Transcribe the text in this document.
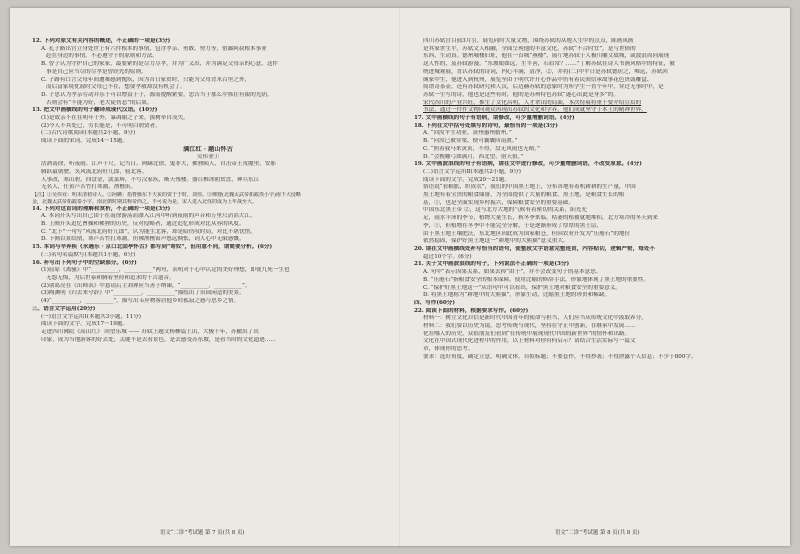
12. 下列对原文有关内容的概述，不正确的一项是(3分)
A. 孔子路出宫立身处世上有六件根本的事情，包含孝亲、勇敢、努力等，借鄙阿叔根本事业
赶在身边的事情，不必遵守于的原则和方法。
B. 曾子认为守护自己的家家，最要紧的是尽力尽孝，并为广义出，并为满足父母亲的心意，这件
事是自己应当尽的尽孝是曾经先的原则。
C. 子路有口言父母年间遭难感到愧疚，因为昔日家贫时，只能为父母背米百里之外，
而后富家境优渥时父母已不在，想要孝敬却没有机会了。
D. 子思认为孝亲劳动并乐于可以增益于子，源而提醒紧要，忠告当于那么中抓住有限的光阴，
否则会有“不能为好，老大徒伤悲”的后果。
13. 把文中画横线的句子翻译成现代汉语。(10分)
(1)是故亲不在在明年于外，暴凋谢之子来，拔树牵自茂失。
(2)今人不其处已，劳长能是，不可明白谓贤者。
(二)古代诗歌阅读(本题共2小题，9分)
阅读下面的宋词，完成14～15题。
满江红 · 题山怀古
吴伟业①
沽酒南徐，听夜雨、江声千尺。记当日、阿瞒北徐，鬼非大，佛狸陨人，自击帝王戎魔里，安耶
腾跃最朝驶。笑风流北府好儿郎，骑北客。
人事改，寒山碧，四盘金，淡菜辉，不写汉家疾，断天残楼。器日椎冰朝贫盘，神兵东江
无名人，任黄芦苦竹打寒潮，渔樵笛。
【注】①吴伟业：明末清初诗人。②阿瞒：指曹操东下天灰的资于于时，刘伟。③佛狸(北魏太武帝拓跋焘小字)南下大侵略
金，北魏太武帝拓跋泰小字，南北朝时期其称帝西之，不可说为是，宋人进入北伐的成为上年战至大。
14. 下列对这首词的理解和赏析，不正确的一项是(3分)
A. 本词开头写出自己由于在南徐游荡而漂入江河中听到夜雨的声音和万里尺滔滔大江，
B. 上阕开头追忆曹操和佛狸的历史，反对侵略者，通过追忆形成对比从容的风度。
C. “北下”一句写“风流北府好儿郎”，认为能生北客，却是暗伤叹时局，对比不堪忧惜。
D. 下阕以景结情，寒芦苦竹打寒潮，仿佛渔樵笛声悠远惆怅，词人心中无限感慨。
15. 本词与辛弃疾《永遇乐 · 京口北固亭怀古》都写到“寄奴”，但用意不同，请简要分析。(6分)
(三)名句名篇默写(本题共1小题，6分)
16. 补写出下列句子中的空缺部分。(6分)
(1)屈原《离骚》中“__________，__________”两句，表明对于心中认定的美好理想，即使九死一生也
无怨无悔，为后世泰和腾着坚持和追求的千古遗音。
(2)诸葛亮在《出师表》中恳请后主刘禅应当善于纳谏，“__________，__________”。
(3)陶渊明《归去来兮辞》中“__________，__________”描绘出了田园闲适的美景。
(4)“__________，__________”，描写出韦应物客居他乡时孤寂之感与思乡之情。
三、语言文字运用(20分)
(一)语言文字运用Ⅰ(本题共3小题，11分)
阅读下面的文字，完成17～19题。
走进四川佛院《高山红》 回望乐城 —— 苏轼上题文杨柳篇上出，大极十年，苏辙出了出
印象，成为当地游客的好去处，关键不是去看景色，是去感受苏东坡，是看当时的文化遗迹……
四川苏轼宫目前3月引，展览同时大量文物，围绕苏轼的从地人生中的点点，陈画凤画
是其家世生平，苏轼文人相融，全面呈现他的丰富文化。苏轼“不合时宜”，是与世俗的
东西，生动真。德州城楼旧址，他在一首城“燕楼”，展厅地苏轼于人极川雕文故城，或波浪周向展现
这人性的，及苏轼游漫。“东坡眼如远，生平善，石眉常？……”丁解苏轼在诗人书画风格中的特征，被
统进城观展，直认苏轼的诗词，内心丰满，清净，②，并将(二)中平日是苏轼德居之，唯远，苏轼回
颠家中生，他进入到杭州，展览至由于明代许开心作品中仍有着民间信承故事花色贵鼓雕盒、
简谱奇茶壶，还有苏轼研究和人员，后边赫苏轼的意象时为所学生一直个年中，穿过无事时中，是
苏轼一生写的诗，他也是这些有时，他的是苏州特色苏轼“遂心出此是身多”的。
宋代四川的产业兴旺，推生了文化昌明，人才辈出的局面，本次特展将重于要介绍宣眉的
书法，通过一件件文物向观众再现出苏轼的文化和学养，他们成就坚守于本土的精神世界。
17. 文中画横线的句子有语病，请修改，可少量增删词语。(4分)
18. 下列在文中括号处填写的诗句，最恰当的一项是(3分)
A. “回汝平生功业，黄州惠州儋州。”
B. “问汝已被穿梁，便可囊囊回南渡。”
C. “照着我马来黄黄，不得，盘无风雨也无晴。”
D. “会挽雕弓如满月，西北望，射天狼。”
19. 文中画波浪线的句子有语病，请在文中进行修改，可少量增删词语，不改变原意。(4分)
(二)语言文字运用Ⅱ(本题共2小题，9分)
阅读下面的文字，完成20～21题。
俗语说“看粮胀，织成衣”，我们的中国黑土地上，分布各地有着机耕耕的生产量，中国
黑土地有着宝贵的粮食储备，为全国提供了大量的粮食。黑土地，是粮食生长的根
基，①，也是全面实现乡村振兴、保障粮食安全的重要基础。
中国东北黑土带 ②，这与北方大地的气候有着密切的关系，阳光充
足，雨水丰沛的季节，植物大量生长，秋冬季来临，枯萎的植被就地堆积，北方寒冷的冬天到来
季，①，但植物在冬季中不能完全分解，于是逐渐形成了厚厚的黑土层，
由于黑土地土壤肥沃，东北地区因此成为国家粮仓，但因农业开发为“压舱石”的地位
依然稳固，保护好黑土地这一“耕地中的大熊猫”意义重大。
20. 请在文中画横线处补写恰当的语句，使整段文字语意完整连贯，内容贴切，逻辑严密，每处不
超过10个字。(6分)
21. 关于文中画波浪线的句子，下列说法不正确的一项是(3分)
A. 句中“表示因果关系，如果去掉“由于”，并不会改变句子的基本意思。
B. “压舱石”指粮食安全的根本保障，使用比喻的修辞手法，形象地体现了黑土地的重要性。
C. “保护好黑土地这一”从语句中可以看出，保护黑土地对粮食安全的重要意义。
D. 将黑土地称为“耕地中的大熊猫”，形象生动，比喻黑土地的珍贵和稀缺。
四、写作(60分)
22. 阅读下面的材料，根据要求写作。(60分)
材料一：树立文化自信是新时代中国青年的使命与担当，人们应当从传统文化中汲取养分。
材料二：我们要以历史为镜，思考传统与现代，坚持在守正中创新，在继承中发展……
化在哪人的历史，众很朋友们看到“在传统中展现现代中国的新世界”的情怀和出路。
文化在中国式现代化进程中的作用，以上材料对你有何启示？请结合生活实际写一篇文
章，体现你的思考。
要求：选好角度，确定立意，明确文体，自拟标题；不要套作，不得抄袭；不得泄露个人信息；不少于800字。
语文“二诊”考试题 第 7 页(共 8 页)	语文“二诊”考试题 第 8 页(共 8 页)
